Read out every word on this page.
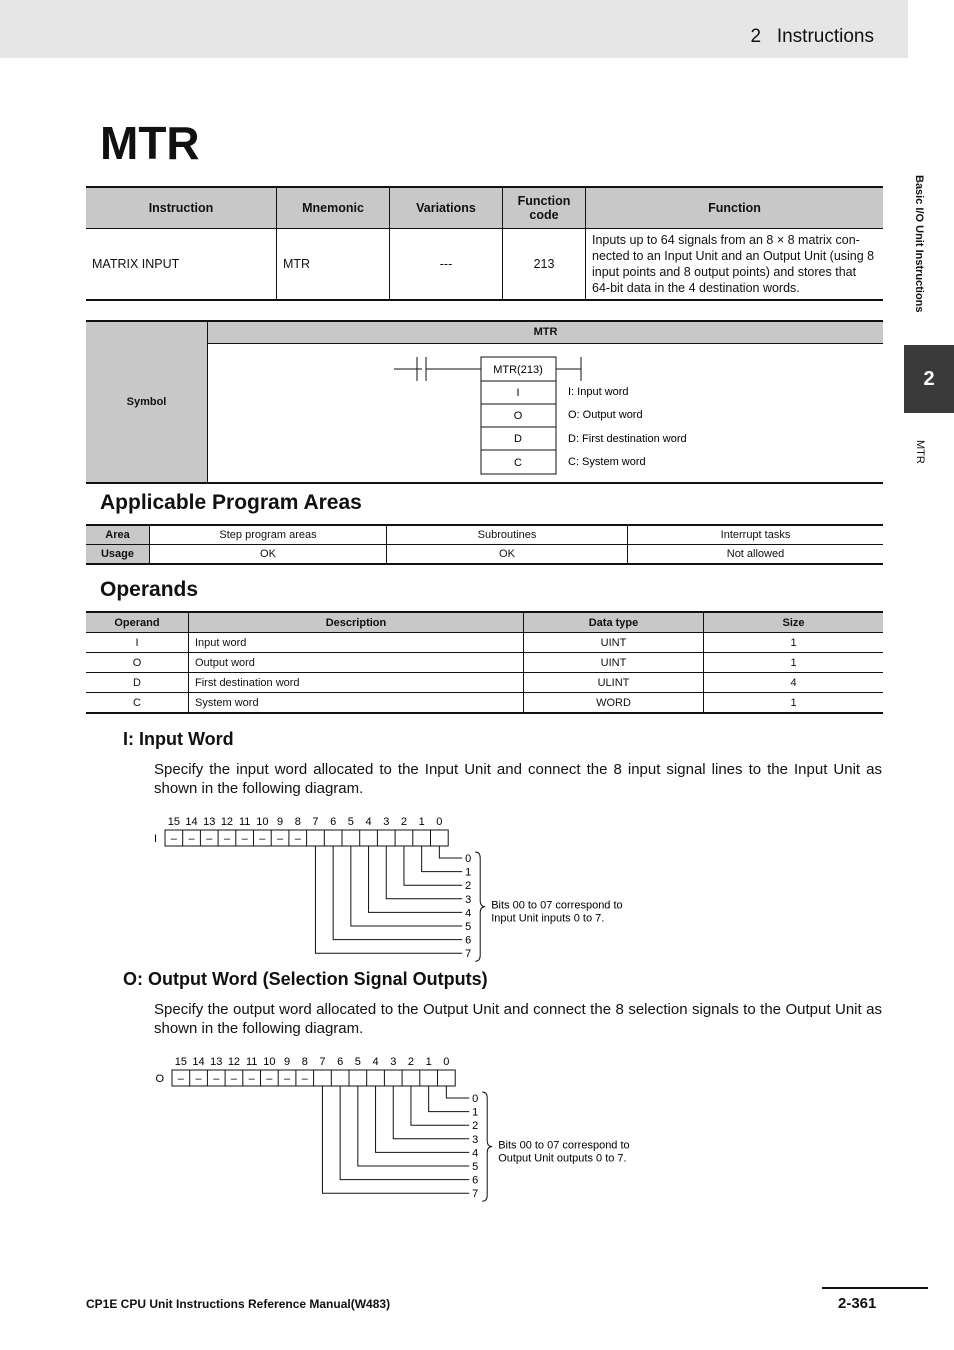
2   Instructions
Basic I/O Unit Instructions
2
MTR
MTR
Instruction	Mnemonic	Variations	Function code	Function
MATRIX INPUT	MTR	---	213	Inputs up to 64 signals from an 8 × 8 matrix con-nected to an Input Unit and an Output Unit (using 8 input points and 8 output points) and stores that 64-bit data in the 4 destination words.
Symbol
MTR
MTR(213)
I
O
D
C
I: Input word
O: Output word
D: First destination word
C: System word
Applicable Program Areas
Area	Step program areas	Subroutines	Interrupt tasks
Usage	OK	OK	Not allowed
Operands
Operand	Description	Data type	Size
I	Input word	UINT	1
O	Output word	UINT	1
D	First destination word	ULINT	4
C	System word	WORD	1
I: Input Word
Specify the input word allocated to the Input Unit and connect the 8 input signal lines to the Input Unit as shown in the following diagram.
I
15
–
14
–
13
–
12
–
11
–
10
–
9
–
8
–
7 6 5 4 3 2 1 0
0
1
2
3
4
5
6
7
Bits 00 to 07 correspond to
Input Unit inputs 0 to 7.
O: Output Word (Selection Signal Outputs)
Specify the output word allocated to the Output Unit and connect the 8 selection signals to the Output Unit as shown in the following diagram.
O
15
–
14
–
13
–
12
–
11
–
10
–
9
–
8
–
7 6 5 4 3 2 1 0
0
1
2
3
4
5
6
7
Bits 00 to 07 correspond to
Output Unit outputs 0 to 7.
CP1E CPU Unit Instructions Reference Manual(W483)	2-361
